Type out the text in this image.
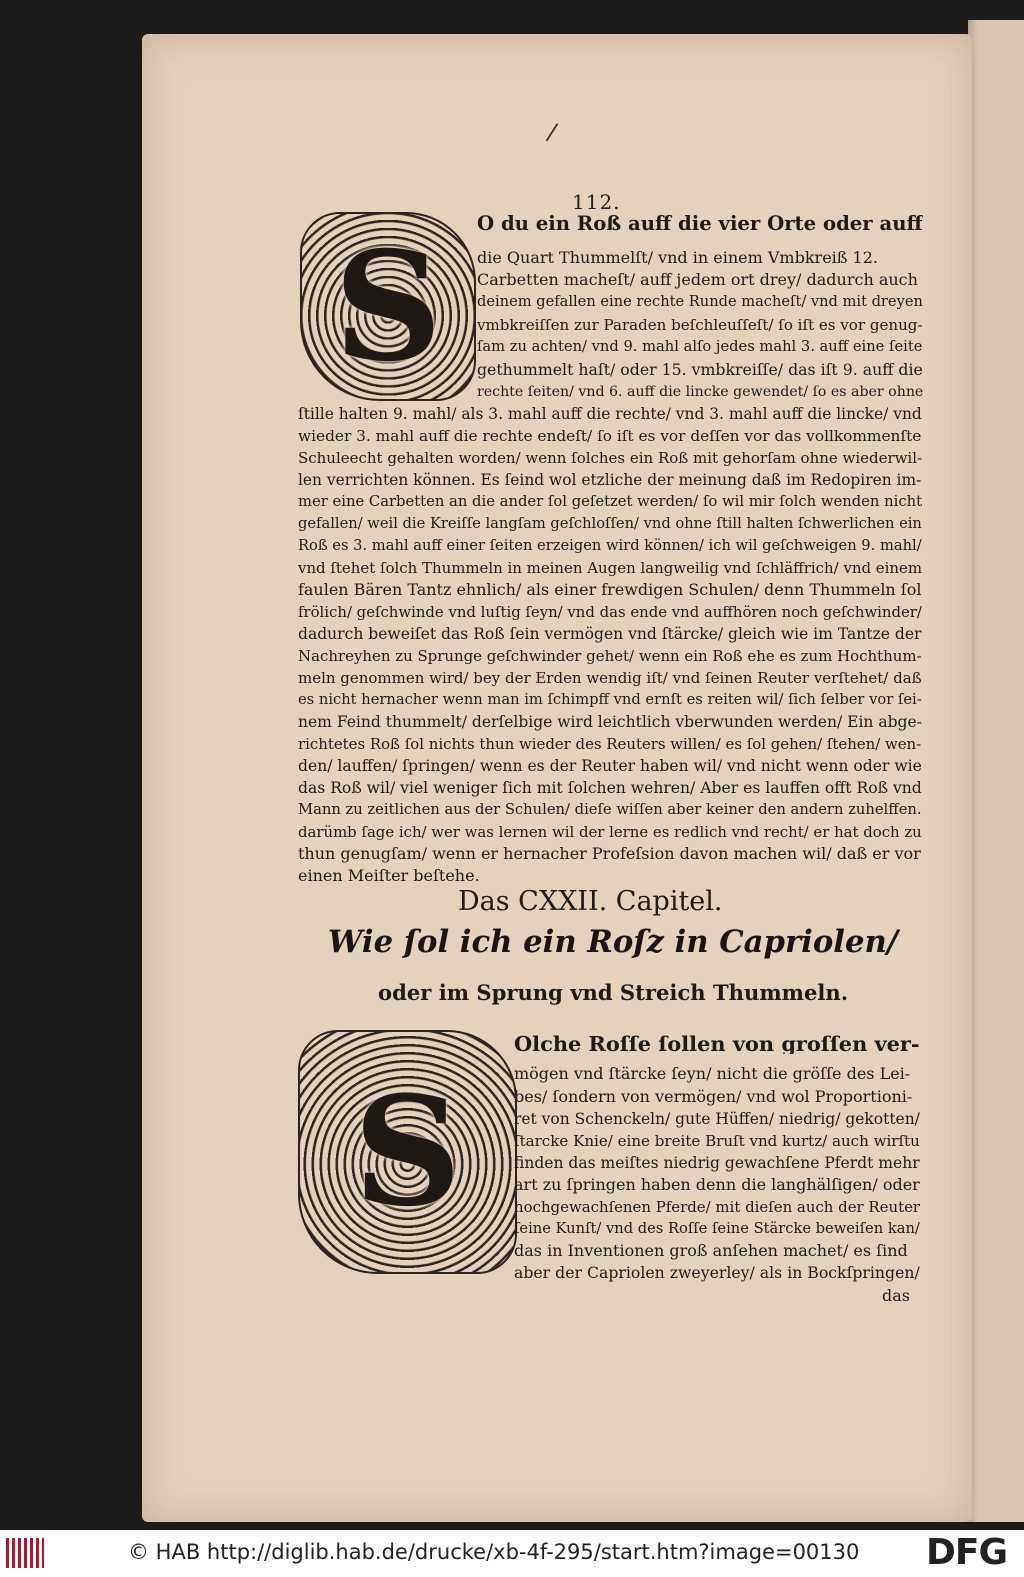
/
112.
S	O du ein Roß auff die vier Orte oder auff
die Quart Thummelſt/ vnd in einem Vmbkreiß 12.
Carbetten macheſt/ auff jedem ort drey/ dadurch auch
deinem gefallen eine rechte Runde macheſt/ vnd mit dreyen
vmbkreiſſen zur Paraden beſchleuſſeſt/ ſo iſt es vor genug-
ſam zu achten/ vnd 9. mahl alſo jedes mahl 3. auff eine ſeite
gethummelt haſt/ oder 15. vmbkreiſſe/ das iſt 9. auff die
rechte ſeiten/ vnd 6. auff die lincke gewendet/ ſo es aber ohne
ſtille halten 9. mahl/ als 3. mahl auff die rechte/ vnd 3. mahl auff die lincke/ vnd
wieder 3. mahl auff die rechte endeſt/ ſo iſt es vor deſſen vor das vollkommenſte
Schuleecht gehalten worden/ wenn ſolches ein Roß mit gehorſam ohne wiederwil-
len verrichten können. Es ſeind wol etzliche der meinung daß im Redopiren im-
mer eine Carbetten an die ander ſol geſetzet werden/ ſo wil mir ſolch wenden nicht
gefallen/ weil die Kreiſſe langſam geſchloſſen/ vnd ohne ſtill halten ſchwerlichen ein
Roß es 3. mahl auff einer ſeiten erzeigen wird können/ ich wil geſchweigen 9. mahl/
vnd ſtehet ſolch Thummeln in meinen Augen langweilig vnd ſchläffrich/ vnd einem
faulen Bären Tantz ehnlich/ als einer frewdigen Schulen/ denn Thummeln ſol
frölich/ geſchwinde vnd luſtig ſeyn/ vnd das ende vnd auffhören noch geſchwinder/
dadurch beweiſet das Roß ſein vermögen vnd ſtärcke/ gleich wie im Tantze der
Nachreyhen zu Sprunge geſchwinder gehet/ wenn ein Roß ehe es zum Hochthum-
meln genommen wird/ bey der Erden wendig iſt/ vnd ſeinen Reuter verſtehet/ daß
es nicht hernacher wenn man im ſchimpff vnd ernſt es reiten wil/ ſich ſelber vor ſei-
nem Feind thummelt/ derſelbige wird leichtlich vberwunden werden/ Ein abge-
richtetes Roß ſol nichts thun wieder des Reuters willen/ es ſol gehen/ ſtehen/ wen-
den/ lauffen/ ſpringen/ wenn es der Reuter haben wil/ vnd nicht wenn oder wie
das Roß wil/ viel weniger ſich mit ſolchen wehren/ Aber es lauffen offt Roß vnd
Mann zu zeitlichen aus der Schulen/ dieſe wiſſen aber keiner den andern zuhelffen.
darümb ſage ich/ wer was lernen wil der lerne es redlich vnd recht/ er hat doch zu
thun genugſam/ wenn er hernacher Profeſsion davon machen wil/ daß er vor
einen Meiſter beſtehe.
Das CXXII. Capitel.
Wie ſol ich ein Roſz in Capriolen/
oder im Sprung vnd Streich Thummeln.
S
Olche Roſſe ſollen von groſſen ver-
mögen vnd ſtärcke ſeyn/ nicht die gröſſe des Lei-
bes/ ſondern von vermögen/ vnd wol Proportioni-
ret von Schenckeln/ gute Hüffen/ niedrig/ gekotten/
ſtarcke Knie/ eine breite Bruſt vnd kurtz/ auch wirſtu
finden das meiſtes niedrig gewachſene Pferdt mehr
art zu ſpringen haben denn die langhälſigen/ oder
hochgewachſenen Pferde/ mit dieſen auch der Reuter
ſeine Kunſt/ vnd des Roſſe ſeine Stärcke beweiſen kan/
das in Inventionen groß anſehen machet/ es ſind
aber der Capriolen zweyerley/ als in Bockſpringen/
das
© HAB http://diglib.hab.de/drucke/xb-4f-295/start.htm?image=00130 DFG
